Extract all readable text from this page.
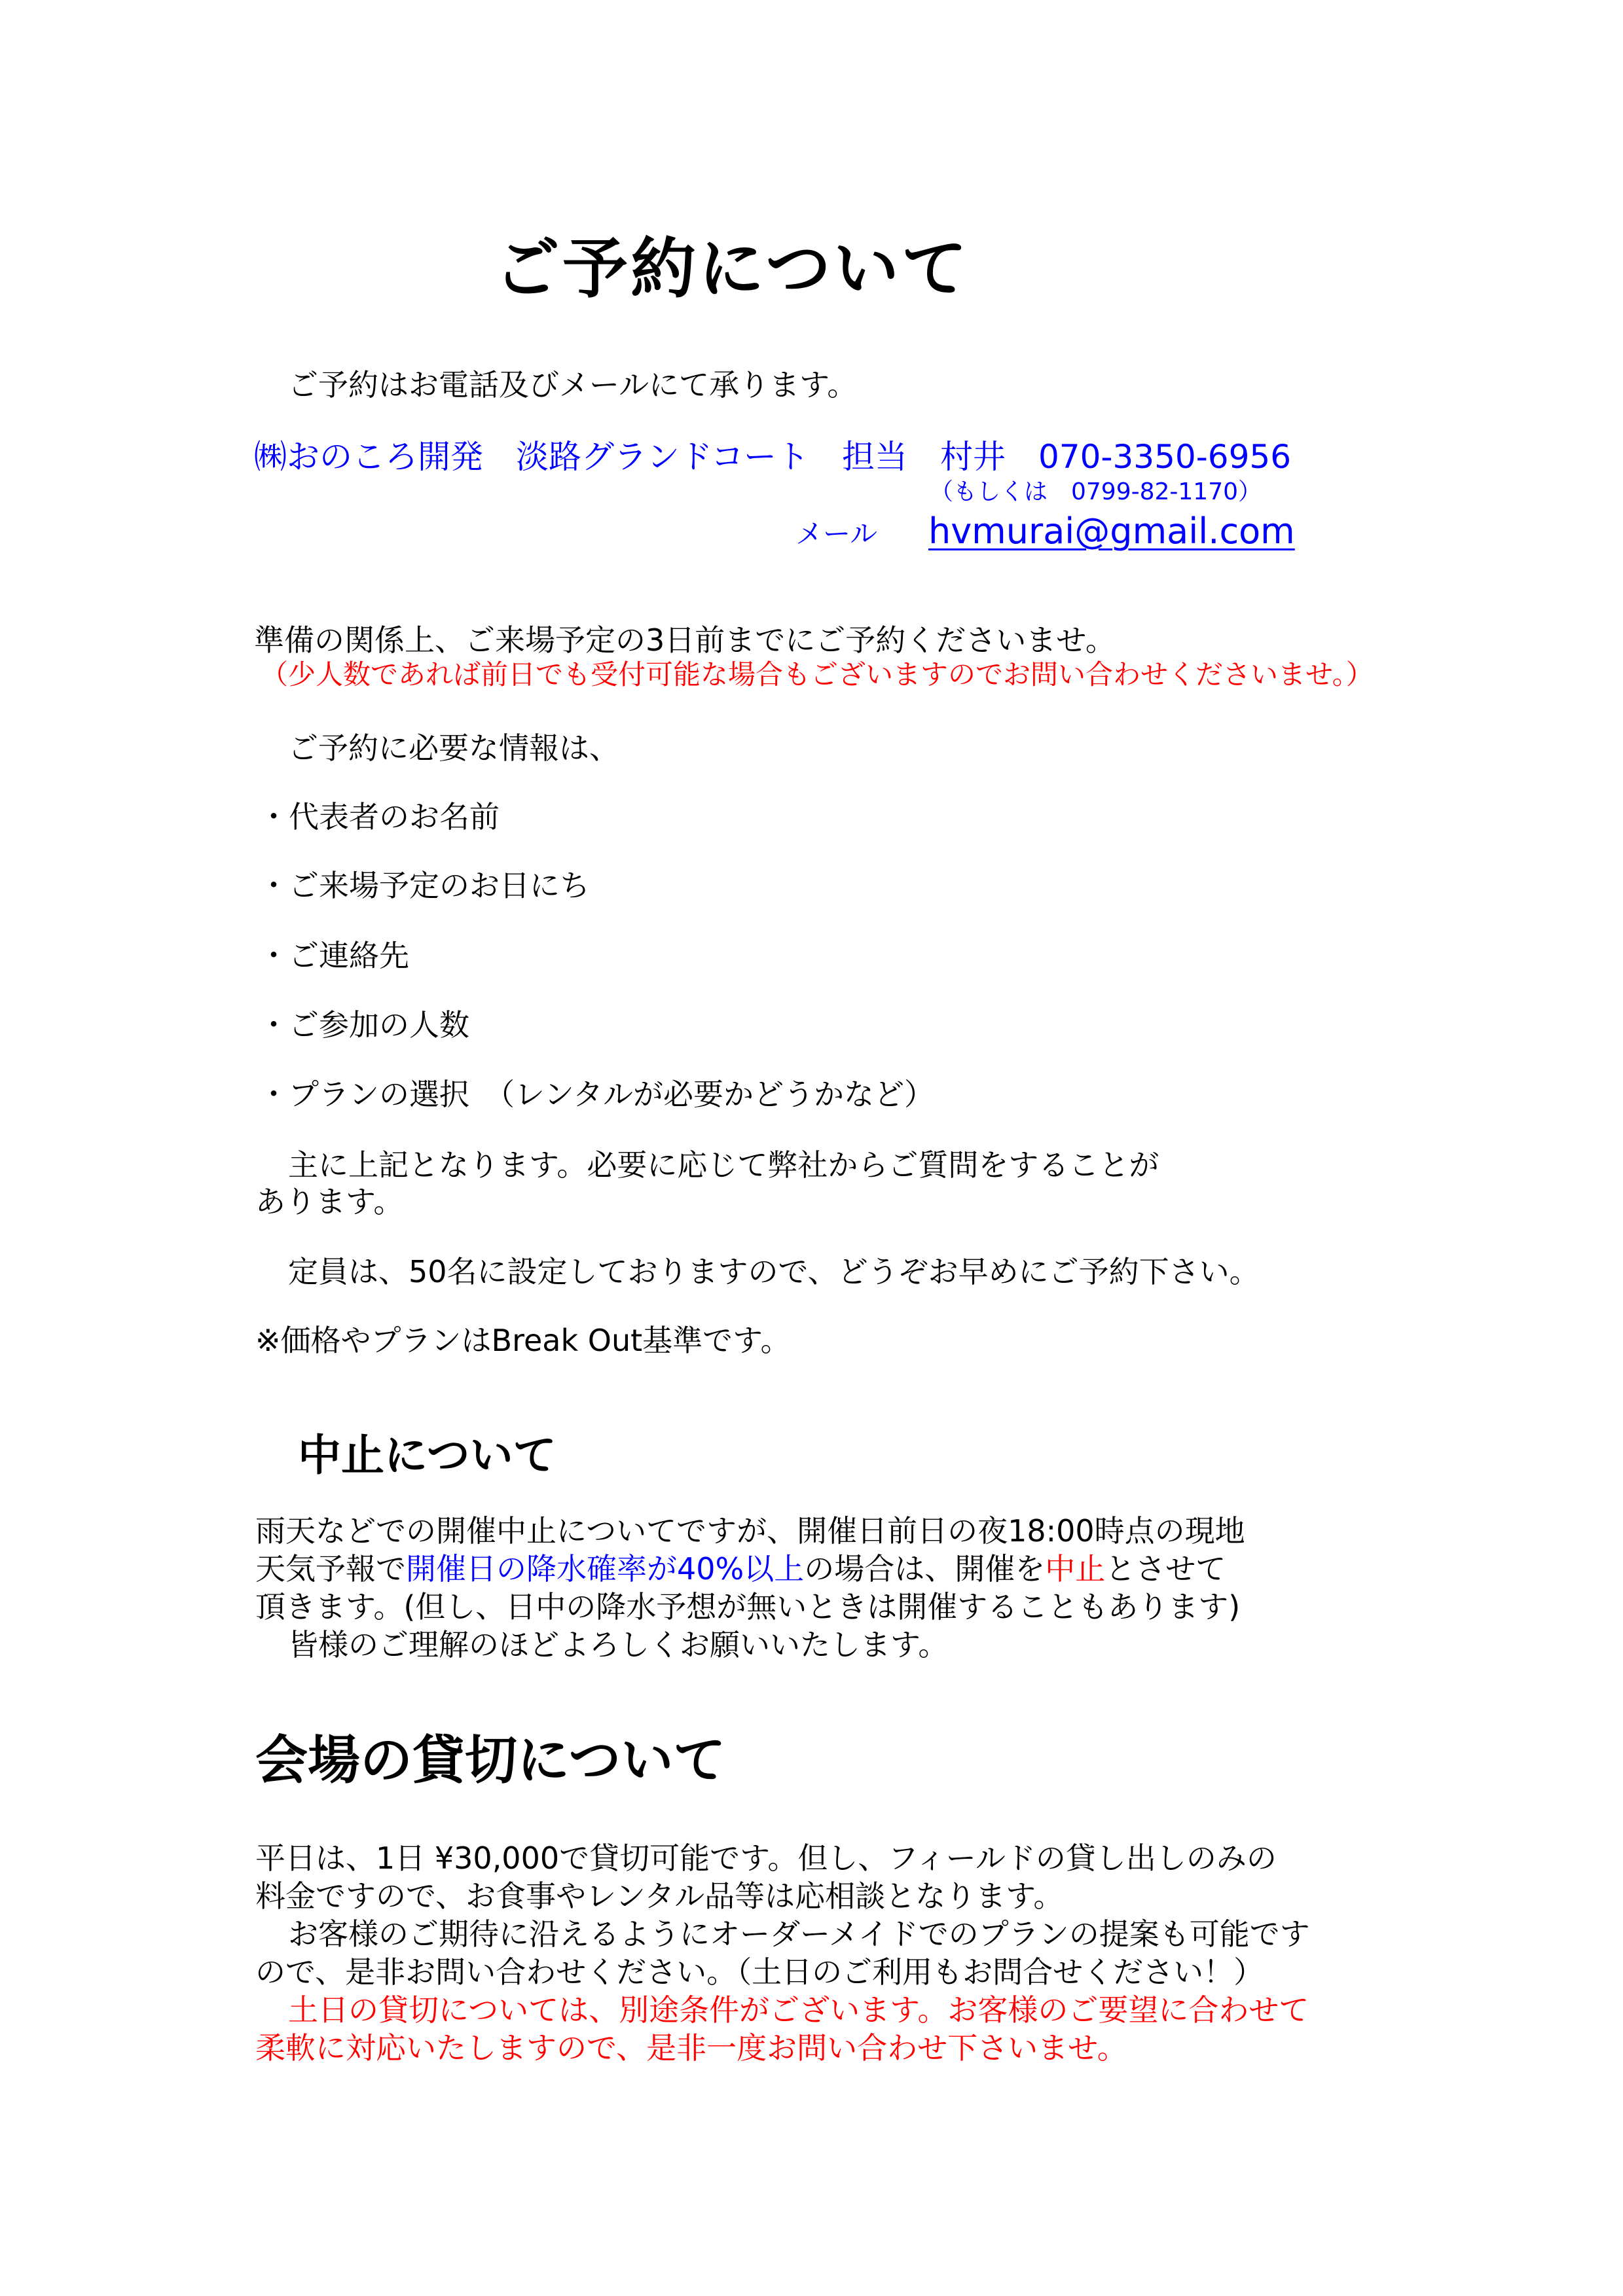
ご予約について
ご予約はお電話及びメールにて承ります。
㈱おのころ開発　淡路グランドコート　担当　村井　070-3350-6956
（もしくは　0799-82-1170）
メール hvmurai@gmail.com
準備の関係上、ご来場予定の3日前までにご予約くださいませ。
（少人数であれば前日でも受付可能な場合もございますのでお問い合わせくださいませ。）
ご予約に必要な情報は、
・代表者のお名前
・ご来場予定のお日にち
・ご連絡先
・ご参加の人数
・プランの選択　（レンタルが必要かどうかなど）
主に上記となります。必要に応じて弊社からご質問をすることが
あります。
定員は、50名に設定しておりますので、どうぞお早めにご予約下さい。
※価格やプランはBreak Out基準です。
中止について
雨天などでの開催中止についてですが、開催日前日の夜18:00時点の現地
天気予報で開催日の降水確率が40%以上の場合は、開催を中止とさせて
頂きます。(但し、日中の降水予想が無いときは開催することもあります)
皆様のご理解のほどよろしくお願いいたします。
会場の貸切について
平日は、1日 ¥30,000で貸切可能です。但し、フィールドの貸し出しのみの
料金ですので、お食事やレンタル品等は応相談となります。
お客様のご期待に沿えるようにオーダーメイドでのプランの提案も可能です
ので、是非お問い合わせください。（土日のご利用もお問合せください！）
土日の貸切については、別途条件がございます。お客様のご要望に合わせて
柔軟に対応いたしますので、是非一度お問い合わせ下さいませ。
